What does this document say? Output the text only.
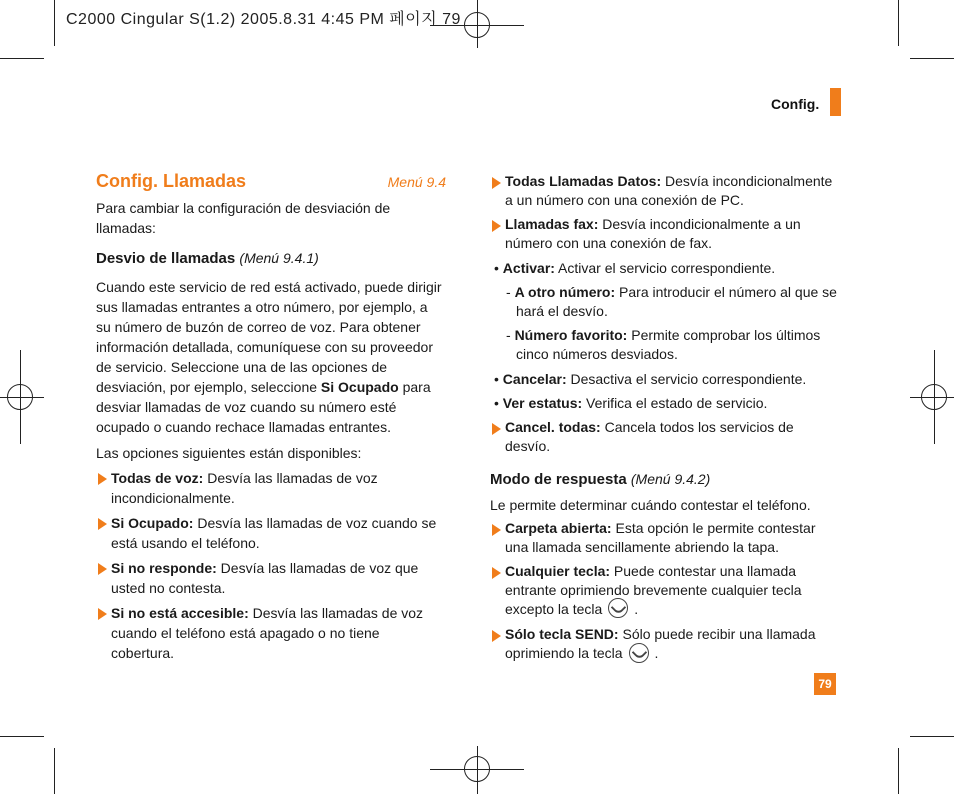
C2000 Cingular S(1.2) 2005.8.31 4:45 PM 페이지 79
Config.
Config. Llamadas	Menú 9.4

Para cambiar la configuración de desviación de llamadas:

Desvio de llamadas (Menú 9.4.1)

Cuando este servicio de red está activado, puede dirigir sus llamadas entrantes a otro número, por ejemplo, a su número de buzón de correo de voz. Para obtener información detallada, comuníquese con su proveedor de servicio. Seleccione una de las opciones de desviación, por ejemplo, seleccione Si Ocupado para desviar llamadas de voz cuando su número esté ocupado o cuando rechace llamadas entrantes.

Las opciones siguientes están disponibles:

Todas de voz: Desvía las llamadas de voz incondicionalmente.

Si Ocupado: Desvía las llamadas de voz cuando se está usando el teléfono.

Si no responde: Desvía las llamadas de voz que usted no contesta.

Si no está accesible: Desvía las llamadas de voz cuando el teléfono está apagado o no tiene cobertura.

Todas Llamadas Datos: Desvía incondicionalmente a un número con una conexión de PC.

Llamadas fax: Desvía incondicionalmente a un número con una conexión de fax.

• Activar: Activar el servicio correspondiente.

- A otro número: Para introducir el número al que se hará el desvío.

- Número favorito: Permite comprobar los últimos cinco números desviados.

• Cancelar: Desactiva el servicio correspondiente.

• Ver estatus: Verifica el estado de servicio.

Cancel. todas: Cancela todos los servicios de desvío.

Modo de respuesta (Menú 9.4.2)

Le permite determinar cuándo contestar el teléfono.

Carpeta abierta: Esta opción le permite contestar una llamada sencillamente abriendo la tapa.

Cualquier tecla: Puede contestar una llamada entrante oprimiendo brevemente cualquier tecla excepto la tecla .

Sólo tecla SEND: Sólo puede recibir una llamada oprimiendo la tecla .

79
